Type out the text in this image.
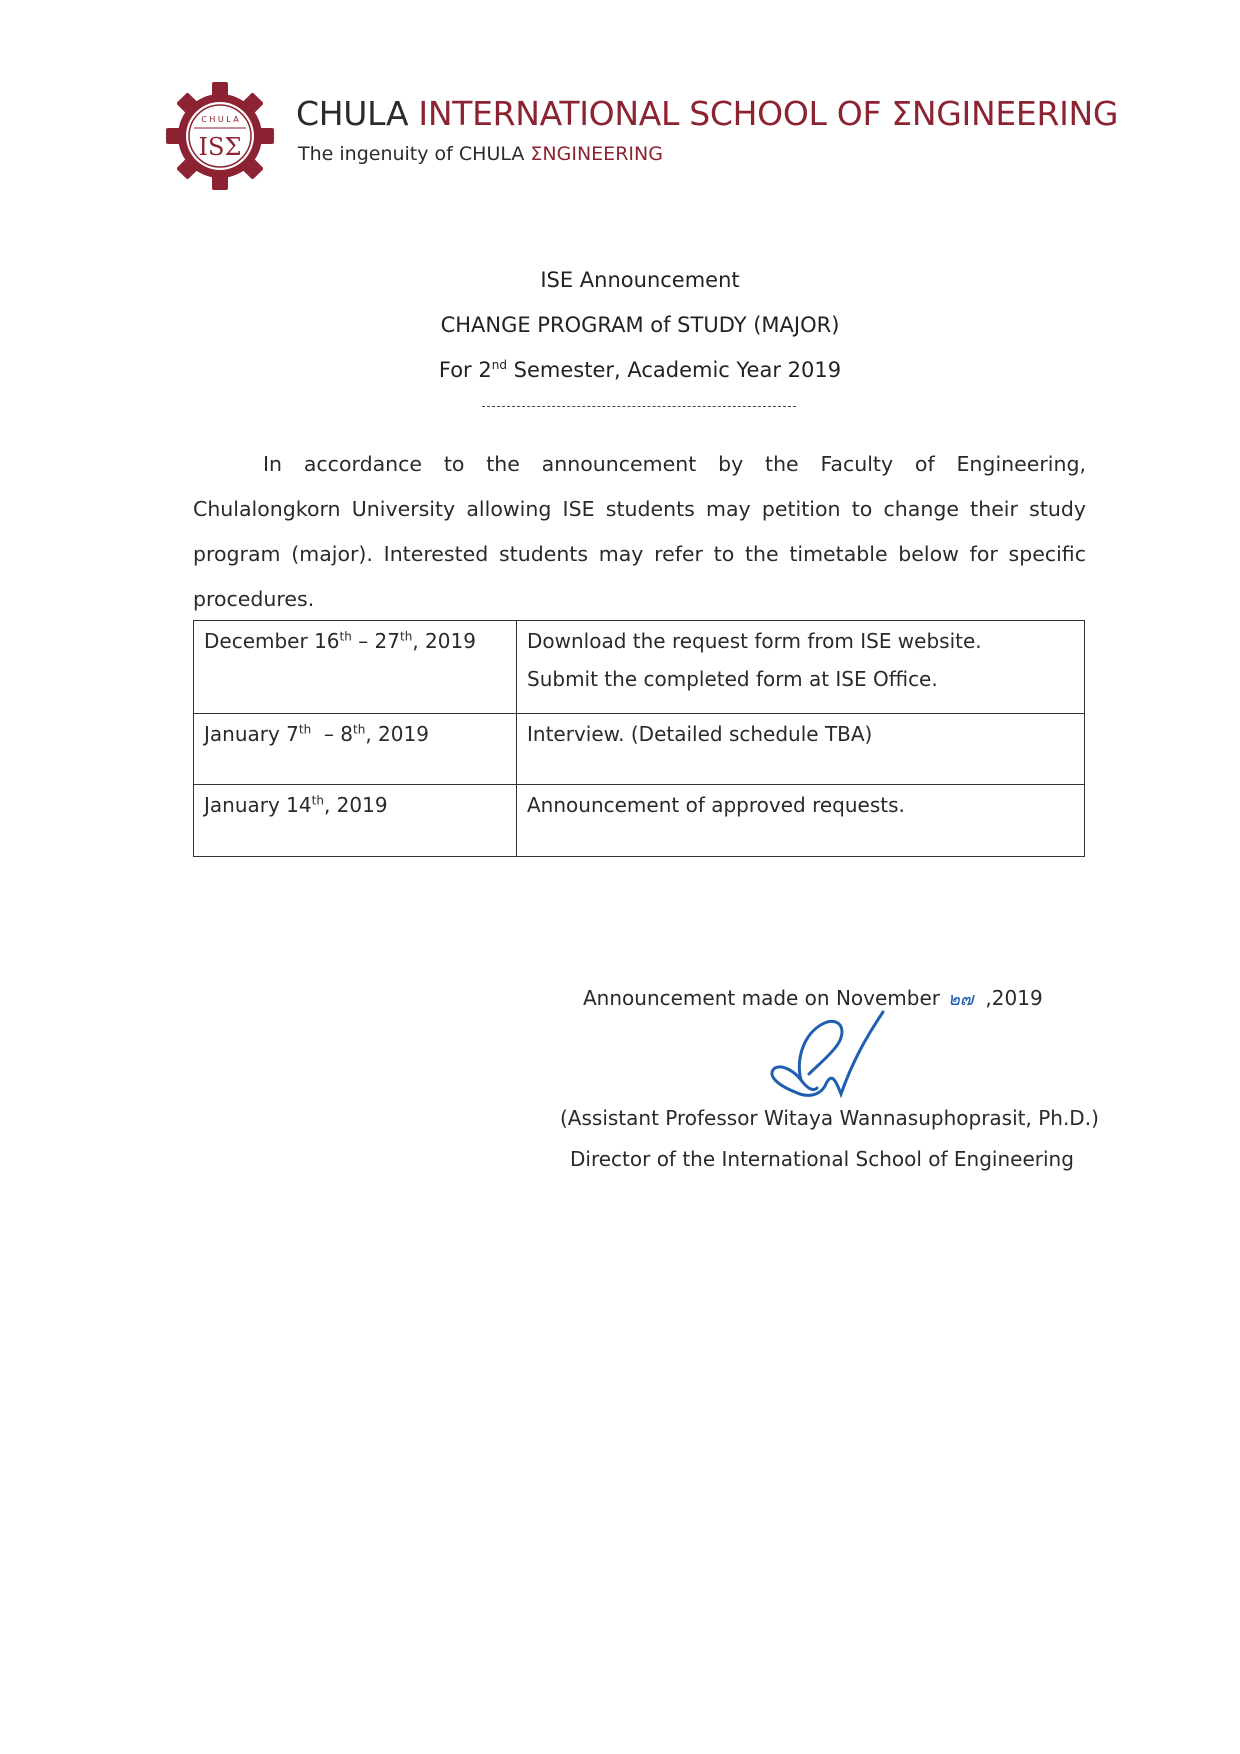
C H U L A
ISΣ
CHULA INTERNATIONAL SCHOOL OF ΣNGINEERING
The ingenuity of CHULA ΣNGINEERING
ISE Announcement
CHANGE PROGRAM of STUDY (MAJOR)
For 2nd Semester, Academic Year 2019
In accordance to the announcement by the Faculty of Engineering, Chulalongkorn University allowing ISE students may petition to change their study program (major). Interested students may refer to the timetable below for specific procedures.
December 16th – 27th, 2019	Download the request form from ISE website.
Submit the completed form at ISE Office.

January 7th  – 8th, 2019	Interview. (Detailed schedule TBA)

January 14th, 2019	Announcement of approved requests.
Announcement made on November ๒๗ ,2019
(Assistant Professor Witaya Wannasuphoprasit, Ph.D.)
Director of the International School of Engineering
